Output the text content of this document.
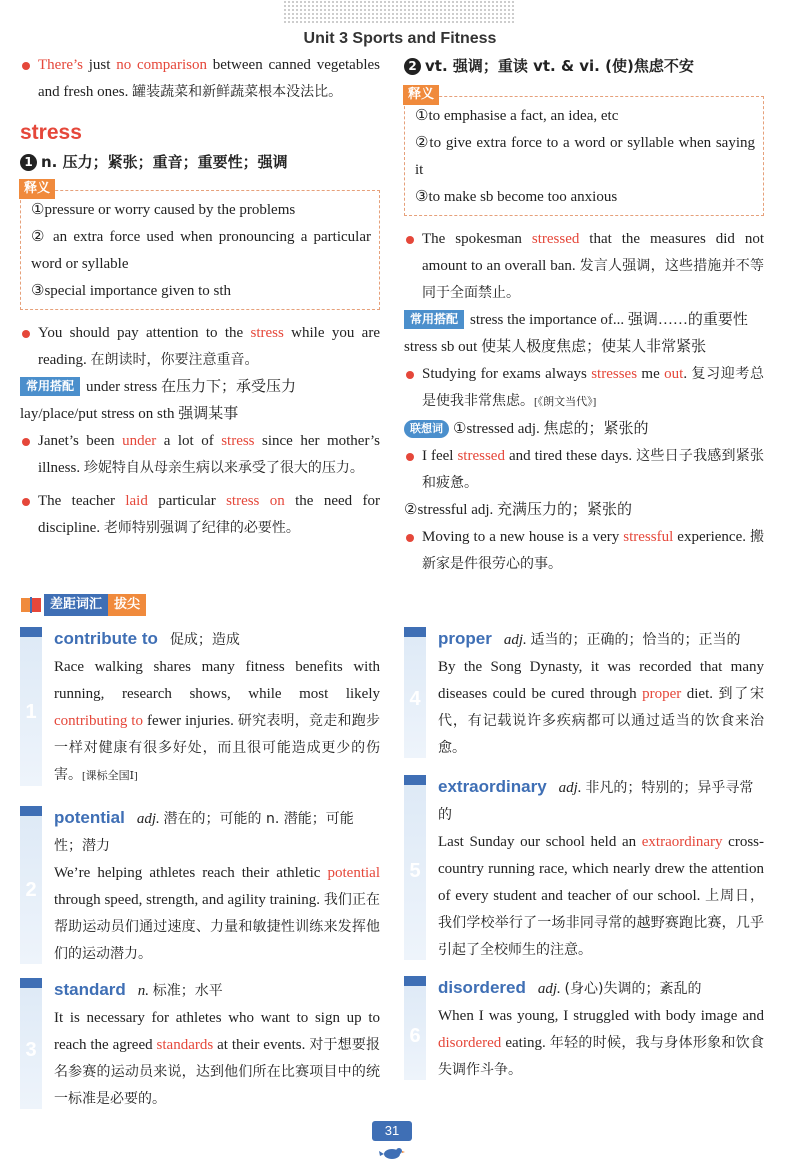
Unit 3 Sports and Fitness

There’s just no comparison between canned vegetables and fresh ones. 罐装蔬菜和新鲜蔬菜根本没法比。

stress
1 n. 压力；紧张；重音；重要性；强调
释义

①pressure or worry caused by the problems

② an extra force used when pronouncing a particular word or syllable

③special importance given to sth

You should pay attention to the stress while you are reading. 在朗读时，你要注意重音。

常用搭配 under stress 在压力下；承受压力

lay/place/put stress on sth 强调某事

Janet’s been under a lot of stress since her mother’s illness. 珍妮特自从母亲生病以来承受了很大的压力。

The teacher laid particular stress on the need for discipline. 老师特别强调了纪律的必要性。

2 vt. 强调；重读 vt. & vi. (使)焦虑不安
释义

①to emphasise a fact, an idea, etc

②to give extra force to a word or syllable when saying it

③to make sb become too anxious

The spokesman stressed that the measures did not amount to an overall ban. 发言人强调，这些措施并不等同于全面禁止。

常用搭配 stress the importance of... 强调……的重要性

stress sb out 使某人极度焦虑；使某人非常紧张

Studying for exams always stresses me out. 复习迎考总是使我非常焦虑。[《朗文当代》]

联想词 ①stressed adj. 焦虑的；紧张的

I feel stressed and tired these days. 这些日子我感到紧张和疲惫。

②stressful adj. 充满压力的；紧张的

Moving to a new house is a very stressful experience. 搬新家是件很劳心的事。

差距词汇 拔尖
1

contribute to 促成；造成

Race walking shares many fitness benefits with running, research shows, while most likely contributing to fewer injuries. 研究表明，竞走和跑步一样对健康有很多好处，而且很可能造成更少的伤害。[课标全国Ⅰ]

2

potential adj. 潜在的；可能的 n. 潜能；可能性；潜力

We’re helping athletes reach their athletic potential through speed, strength, and agility training. 我们正在帮助运动员们通过速度、力量和敏捷性训练来发挥他们的运动潜力。

3

standard n. 标准；水平

It is necessary for athletes who want to sign up to reach the agreed standards at their events. 对于想要报名参赛的运动员来说，达到他们所在比赛项目中的统一标准是必要的。

4

proper adj. 适当的；正确的；恰当的；正当的

By the Song Dynasty, it was recorded that many diseases could be cured through proper diet. 到了宋代，有记载说许多疾病都可以通过适当的饮食来治愈。

5

extraordinary adj. 非凡的；特别的；异乎寻常的

Last Sunday our school held an extraordinary cross-country running race, which nearly drew the attention of every student and teacher of our school. 上周日，我们学校举行了一场非同寻常的越野赛跑比赛，几乎引起了全校师生的注意。

6

disordered adj. (身心)失调的；紊乱的

When I was young, I struggled with body image and disordered eating. 年轻的时候，我与身体形象和饮食失调作斗争。

31
